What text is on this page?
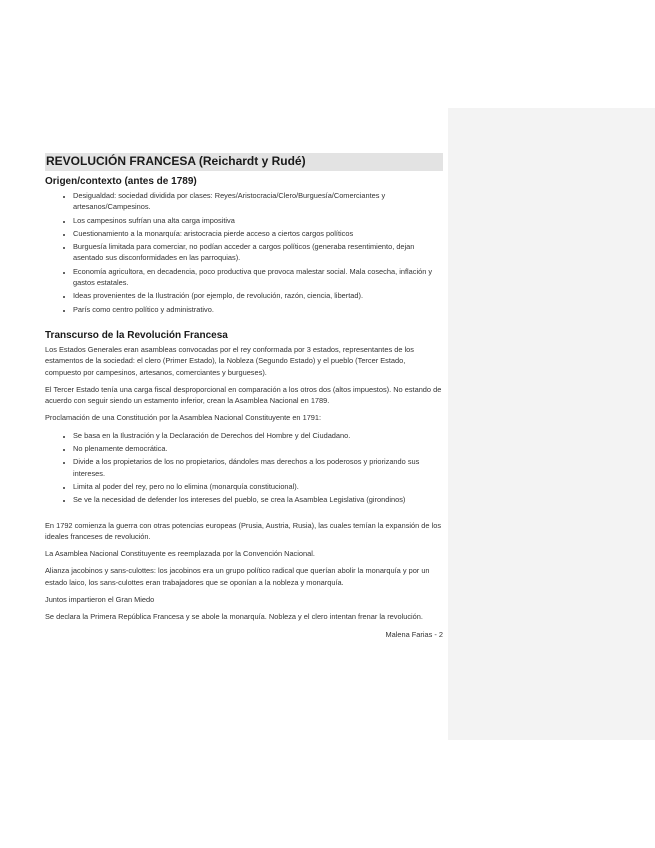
REVOLUCIÓN FRANCESA (Reichardt y Rudé)
Origen/contexto (antes de 1789)
• Desigualdad: sociedad dividida por clases: Reyes/Aristocracia/Clero/Burguesía/Comerciantes y artesanos/Campesinos.
• Los campesinos sufrían una alta carga impositiva
• Cuestionamiento a la monarquía: aristocracia pierde acceso a ciertos cargos políticos
• Burguesía limitada para comerciar, no podían acceder a cargos políticos (generaba resentimiento, dejan asentado sus disconformidades en las parroquias).
• Economía agricultora, en decadencia, poco productiva que provoca malestar social. Mala cosecha, inflación y gastos estatales.
• Ideas provenientes de la Ilustración (por ejemplo, de revolución, razón, ciencia, libertad).
• París como centro político y administrativo.
Transcurso de la Revolución Francesa

Los Estados Generales eran asambleas convocadas por el rey conformada por 3 estados, representantes de los estamentos de la sociedad: el clero (Primer Estado), la Nobleza (Segundo Estado) y el pueblo (Tercer Estado, compuesto por campesinos, artesanos, comerciantes y burgueses).

El Tercer Estado tenía una carga fiscal desproporcional en comparación a los otros dos (altos impuestos). No estando de acuerdo con seguir siendo un estamento inferior, crean la Asamblea Nacional en 1789.

Proclamación de una Constitución por la Asamblea Nacional Constituyente en 1791:

• Se basa en la Ilustración y la Declaración de Derechos del Hombre y del Ciudadano.
• No plenamente democrática.
• Divide a los propietarios de los no propietarios, dándoles mas derechos a los poderosos y priorizando sus intereses.
• Limita al poder del rey, pero no lo elimina (monarquía constitucional).
• Se ve la necesidad de defender los intereses del pueblo, se crea la Asamblea Legislativa (girondinos)

En 1792 comienza la guerra con otras potencias europeas (Prusia, Austria, Rusia), las cuales temían la expansión de los ideales franceses de revolución.

La Asamblea Nacional Constituyente es reemplazada por la Convención Nacional.

Alianza jacobinos y sans-culottes: los jacobinos era un grupo político radical que querían abolir la monarquía y por un estado laico, los sans-culottes eran trabajadores que se oponían a la nobleza y monarquía.

Juntos impartieron el Gran Miedo

Se declara la Primera República Francesa y se abole la monarquía. Nobleza y el clero intentan frenar la revolución.

Malena Farias - 2
